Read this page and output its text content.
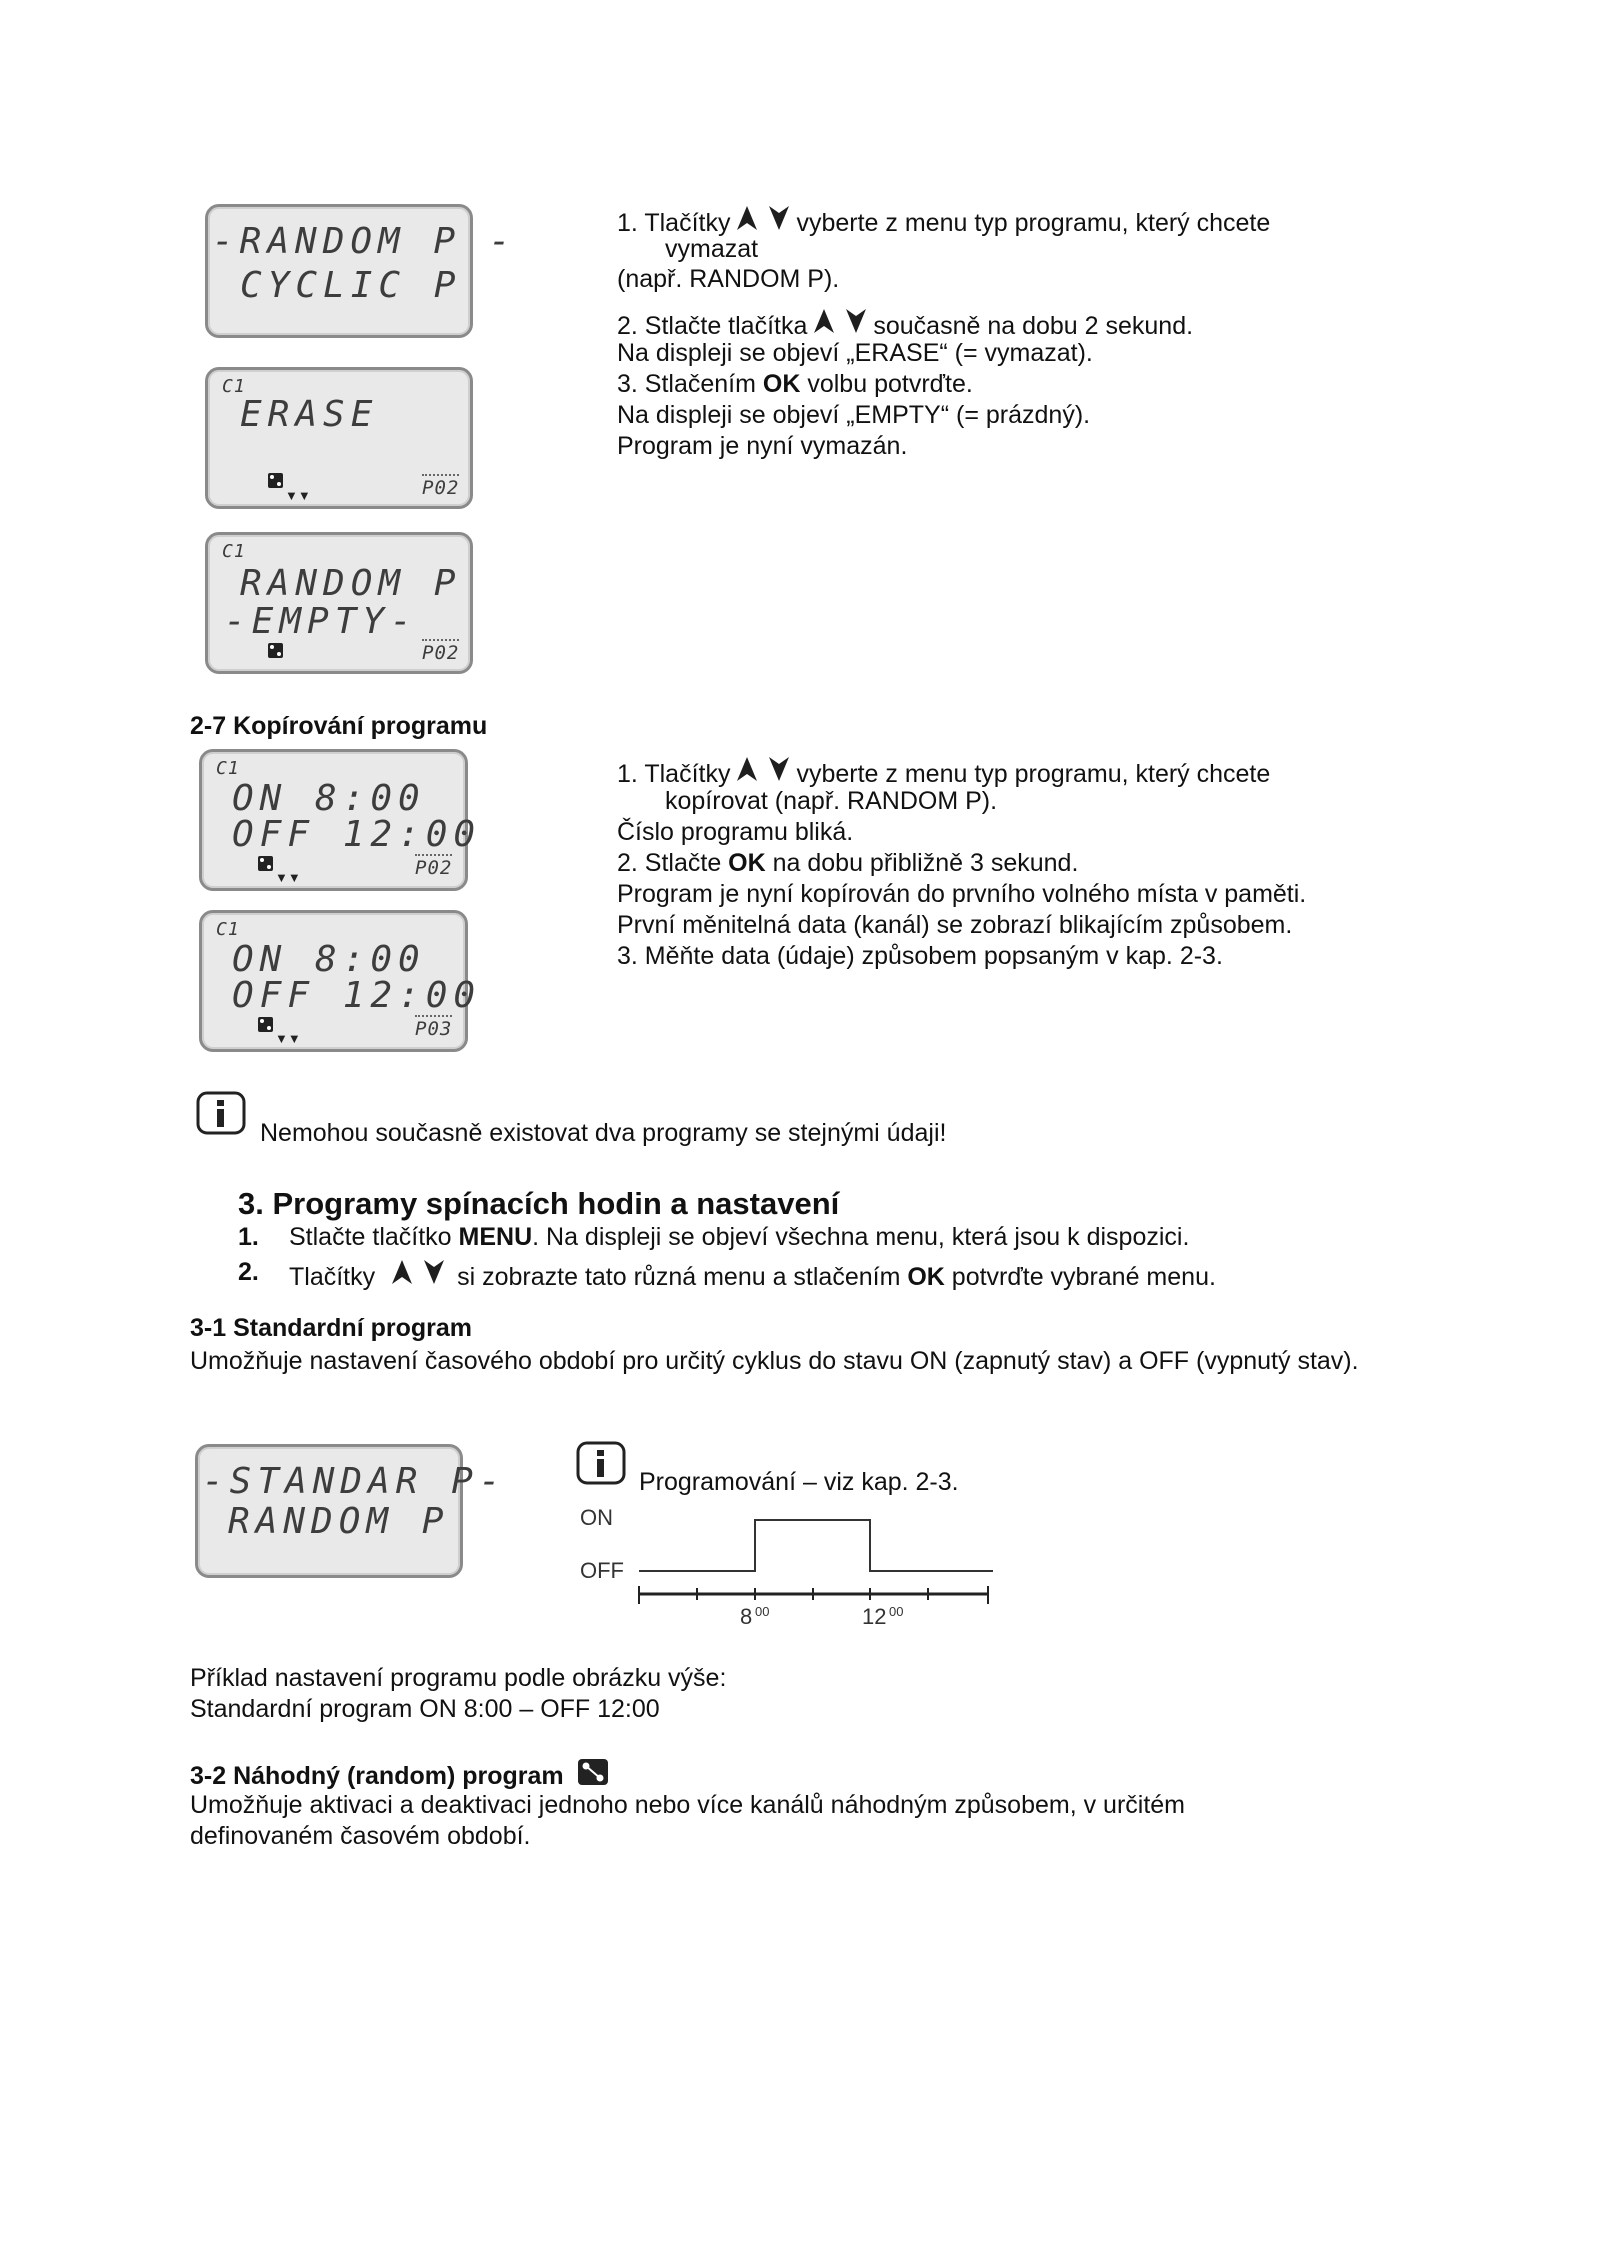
-RANDOM P -
CYCLIC P
C1
ERASE
▼▼	P02
C1
RANDOM P
-EMPTY-
P02
1. Tlačítky	vyberte z menu typ programu, který chcete
vymazat
(např. RANDOM P).
2. Stlačte tlačítka	současně na dobu 2 sekund.
Na displeji se objeví „ERASE“ (= vymazat).
3. Stlačením OK volbu potvrďte.
Na displeji se objeví „EMPTY“ (= prázdný).
Program je nyní vymazán.
2-7 Kopírování programu
C1
ON 8:00
OFF 12:00
▼▼	P02
C1
ON 8:00
OFF 12:00
▼▼	P03
1. Tlačítky	vyberte z menu typ programu, který chcete
kopírovat (např. RANDOM P).
Číslo programu bliká.
2. Stlačte OK na dobu přibližně 3 sekund.
Program je nyní kopírován do prvního volného místa v paměti.
První měnitelná data (kanál) se zobrazí blikajícím způsobem.
3. Měňte data (údaje) způsobem popsaným v kap. 2-3.
Nemohou současně existovat dva programy se stejnými údaji!
3. Programy spínacích hodin a nastavení
1. Stlačte tlačítko MENU. Na displeji se objeví všechna menu, která jsou k dispozici.
2. Tlačítky	si zobrazte tato různá menu a stlačením OK potvrďte vybrané menu.
3-1 Standardní program
Umožňuje nastavení časového období pro určitý cyklus do stavu ON (zapnutý stav) a OFF (vypnutý stav).
-STANDAR P-
RANDOM P
Programování – viz kap. 2-3.
ON
OFF
8 00	12 00
Příklad nastavení programu podle obrázku výše:
Standardní program ON 8:00 – OFF 12:00
3-2 Náhodný (random) program
Umožňuje aktivaci a deaktivaci jednoho nebo více kanálů náhodným způsobem, v určitém
definovaném časovém období.
